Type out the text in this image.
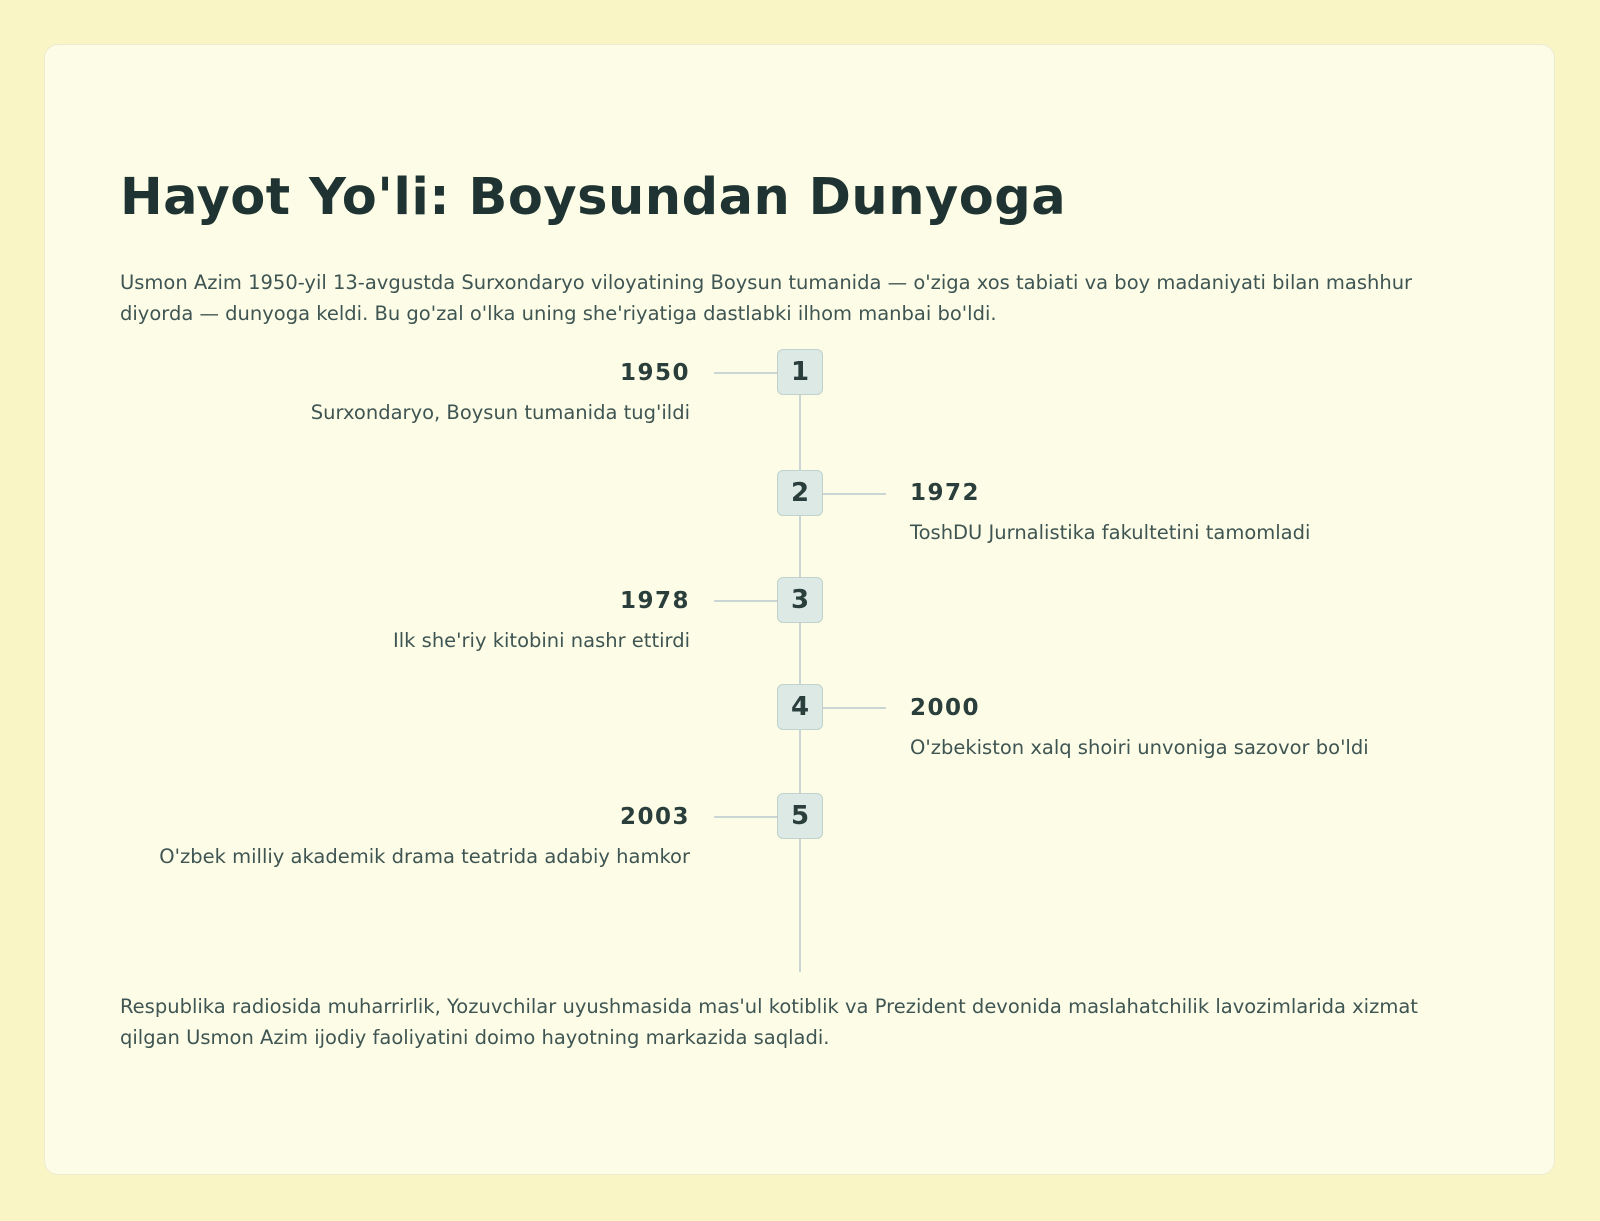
Hayot Yo'li: Boysundan Dunyoga

Usmon Azim 1950-yil 13-avgustda Surxondaryo viloyatining Boysun tumanida — o'ziga xos tabiati va boy madaniyati bilan mashhur diyorda — dunyoga keldi. Bu go'zal o'lka uning she'riyatiga dastlabki ilhom manbai bo'ldi.

1
1950
Surxondaryo, Boysun tumanida tug'ildi
2	1972
ToshDU Jurnalistika fakultetini tamomladi
3
1978
Ilk she'riy kitobini nashr ettirdi
4	2000
O'zbekiston xalq shoiri unvoniga sazovor bo'ldi
5
2003
O'zbek milliy akademik drama teatrida adabiy hamkor

Respublika radiosida muharrirlik, Yozuvchilar uyushmasida mas'ul kotiblik va Prezident devonida maslahatchilik lavozimlarida xizmat qilgan Usmon Azim ijodiy faoliyatini doimo hayotning markazida saqladi.
